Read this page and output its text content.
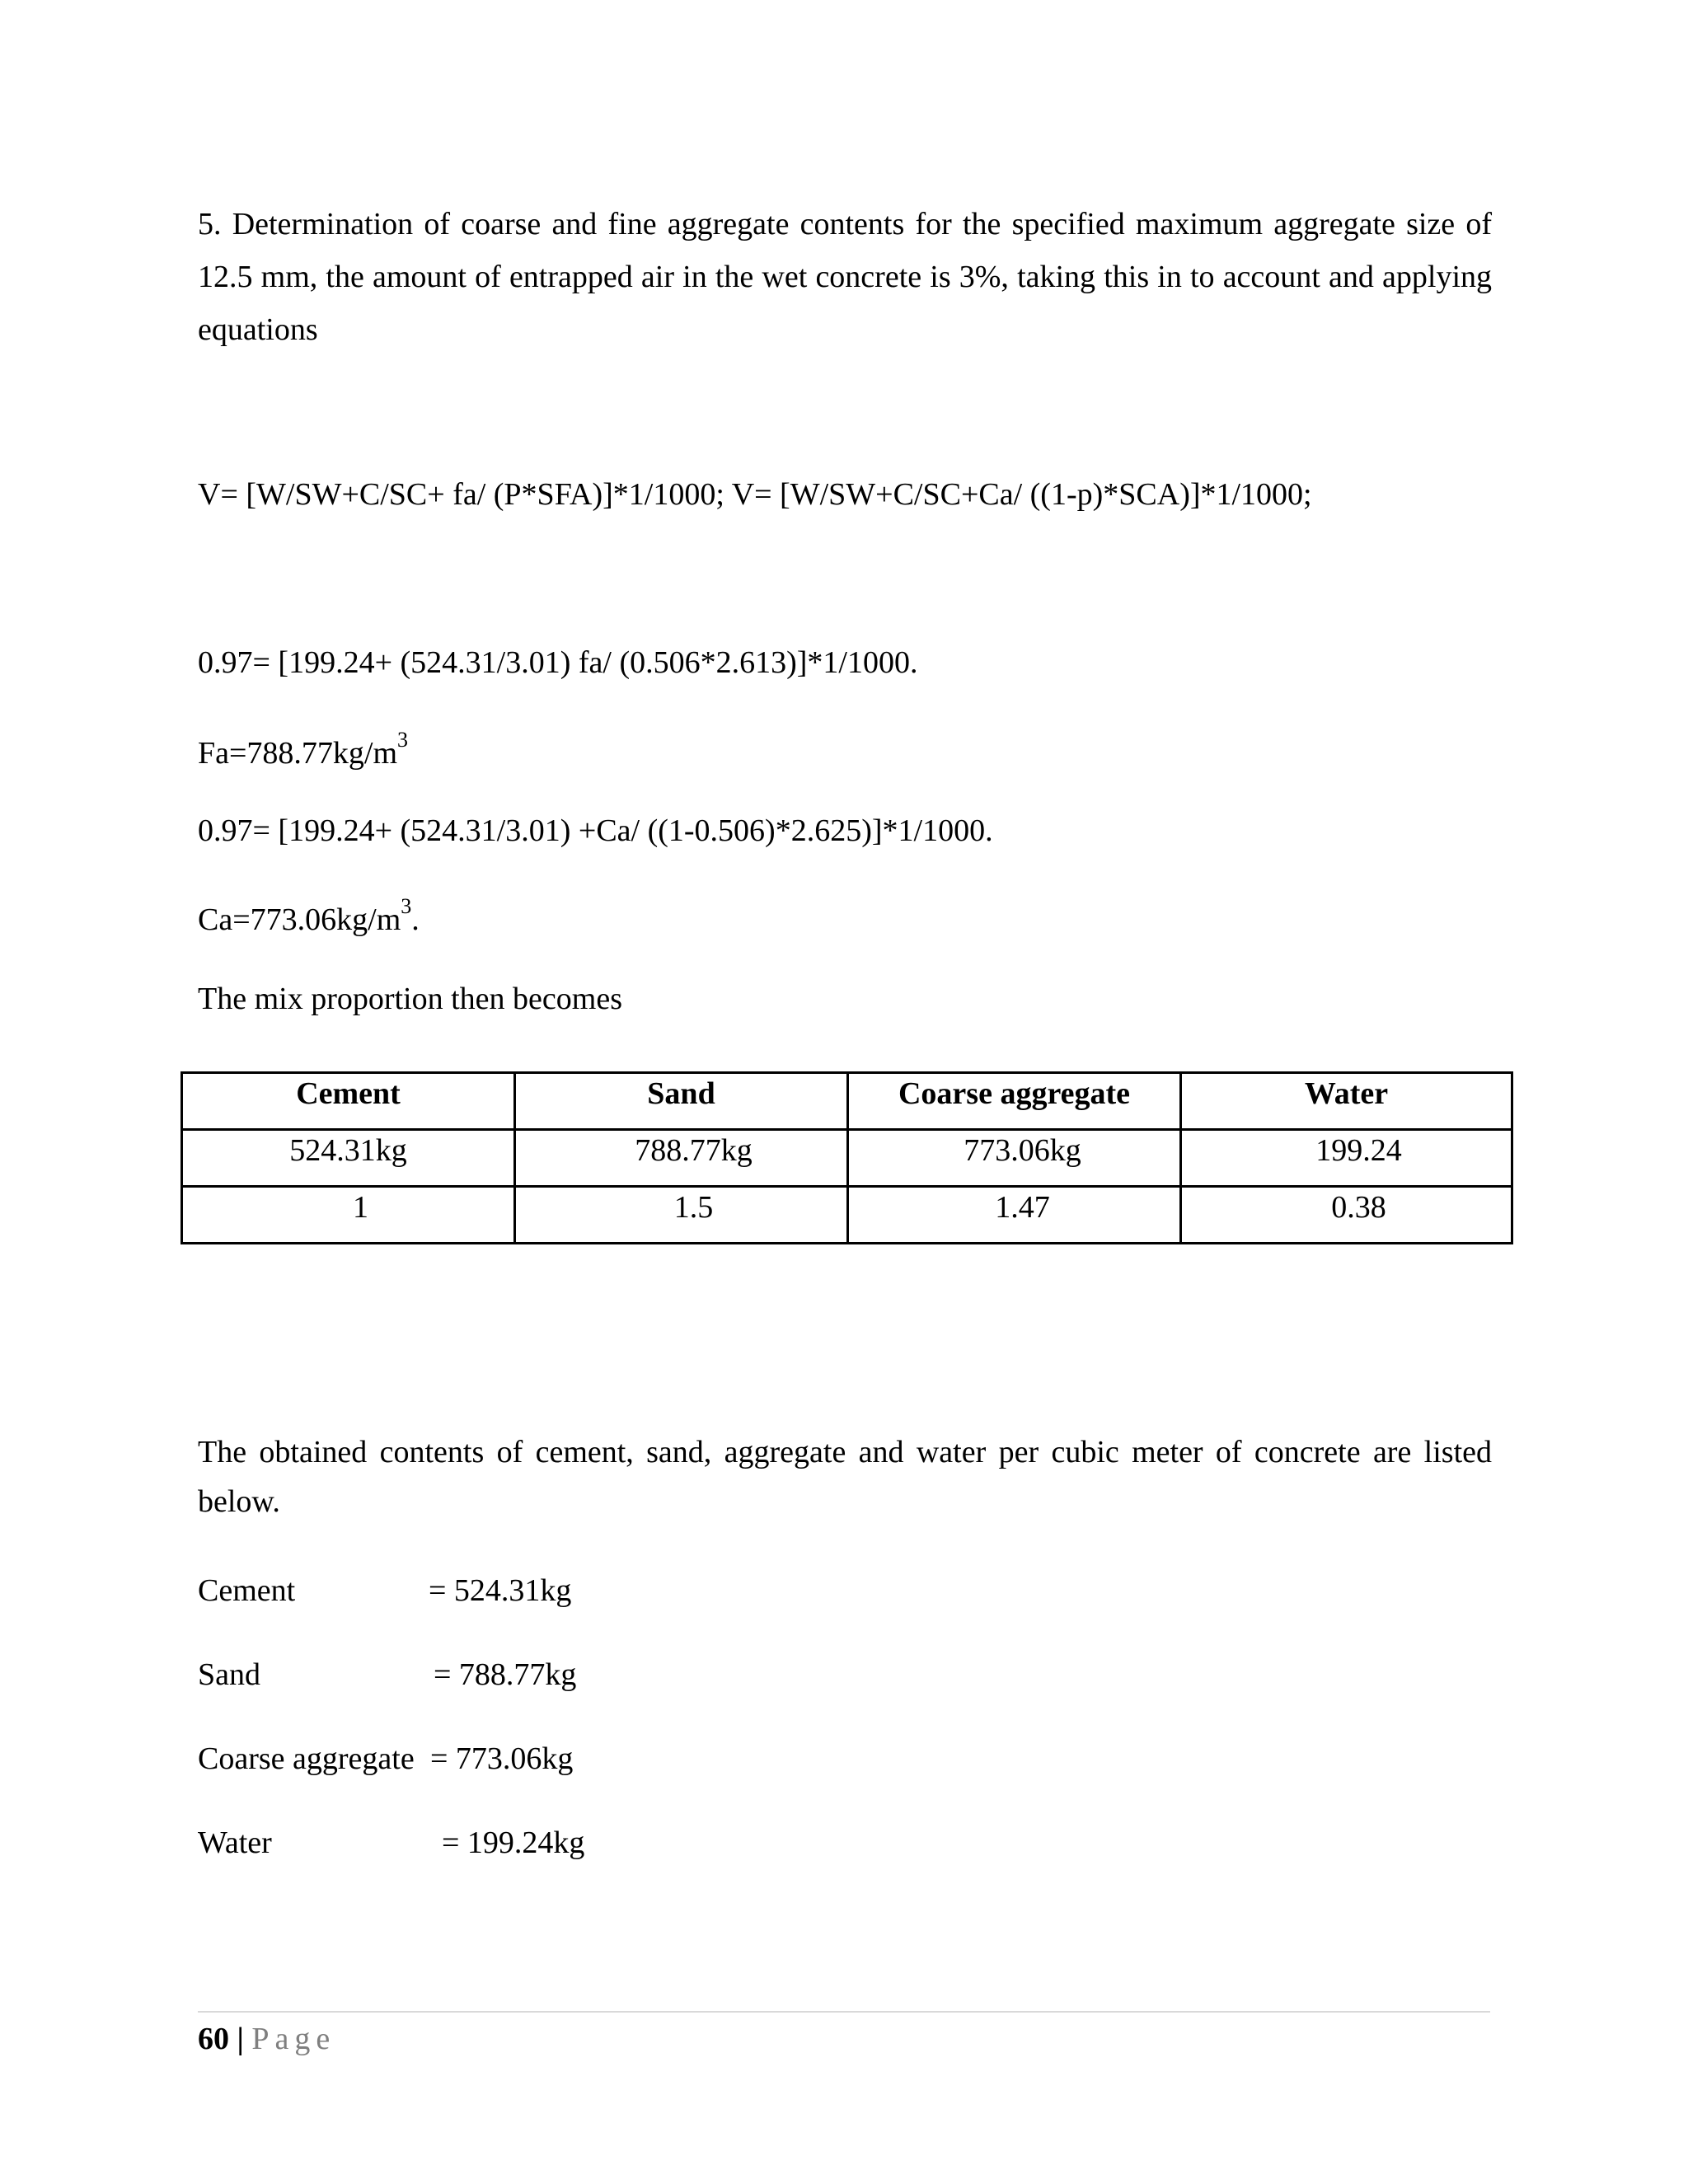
5. Determination of coarse and fine aggregate contents for the specified maximum aggregate size of 12.5 mm, the amount of entrapped air in the wet concrete is 3%, taking this in to account and applying equations
V= [W/SW+C/SC+ fa/ (P*SFA)]*1/1000; V= [W/SW+C/SC+Ca/ ((1-p)*SCA)]*1/1000;
0.97= [199.24+ (524.31/3.01) fa/ (0.506*2.613)]*1/1000.
$Fa=788.77kg/m^3$
0.97= [199.24+ (524.31/3.01) +Ca/ ((1-0.506)*2.625)]*1/1000.
$Ca=773.06kg/m^3$.
The mix proportion then becomes
Cement	Sand	Coarse aggregate	Water
524.31kg	788.77kg	773.06kg	199.24
1	1.5	1.47	0.38
The obtained contents of cement, sand, aggregate and water per cubic meter of concrete are listed below.
Cement	= 524.31kg
Sand	= 788.77kg
Coarse aggregate = 773.06kg
Water	= 199.24kg
60 | Page
